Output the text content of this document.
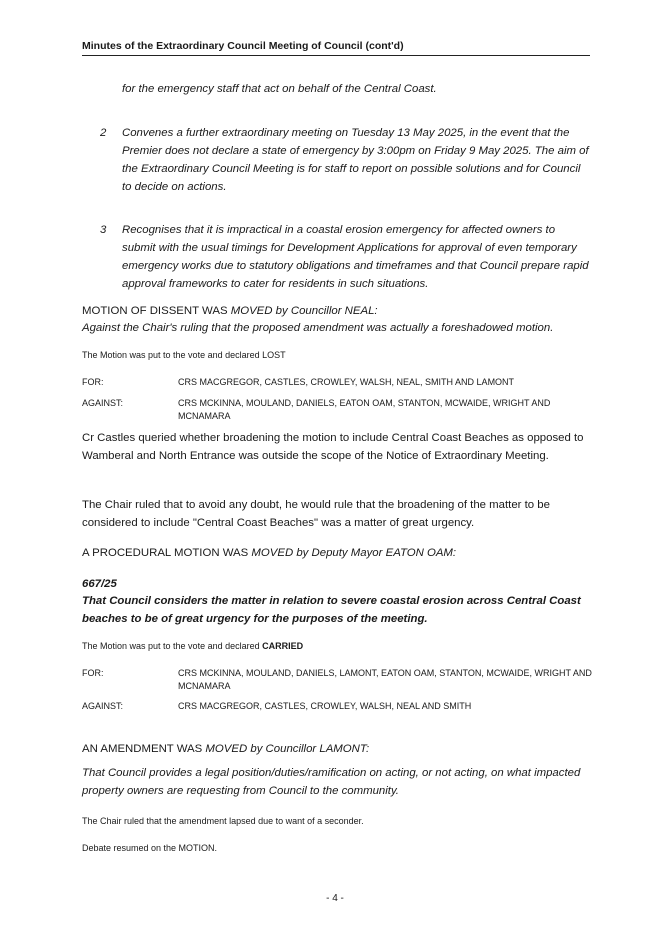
Minutes of the Extraordinary Council Meeting of Council (cont'd)
for the emergency staff that act on behalf of the Central Coast.
2	Convenes a further extraordinary meeting on Tuesday 13 May 2025, in the event that the Premier does not declare a state of emergency by 3:00pm on Friday 9 May 2025. The aim of the Extraordinary Council Meeting is for staff to report on possible solutions and for Council to decide on actions.
3	Recognises that it is impractical in a coastal erosion emergency for affected owners to submit with the usual timings for Development Applications for approval of even temporary emergency works due to statutory obligations and timeframes and that Council prepare rapid approval frameworks to cater for residents in such situations.
MOTION OF DISSENT WAS MOVED by Councillor NEAL:
Against the Chair's ruling that the proposed amendment was actually a foreshadowed motion.
The Motion was put to the vote and declared LOST
FOR:	CRS MACGREGOR, CASTLES, CROWLEY, WALSH, NEAL, SMITH AND LAMONT
AGAINST:	CRS MCKINNA, MOULAND, DANIELS, EATON OAM, STANTON, MCWAIDE, WRIGHT AND MCNAMARA
Cr Castles queried whether broadening the motion to include Central Coast Beaches as opposed to Wamberal and North Entrance was outside the scope of the Notice of Extraordinary Meeting.
The Chair ruled that to avoid any doubt, he would rule that the broadening of the matter to be considered to include "Central Coast Beaches" was a matter of great urgency.
A PROCEDURAL MOTION WAS MOVED by Deputy Mayor EATON OAM:
667/25
That Council considers the matter in relation to severe coastal erosion across Central Coast beaches to be of great urgency for the purposes of the meeting.
The Motion was put to the vote and declared CARRIED
FOR:	CRS MCKINNA, MOULAND, DANIELS, LAMONT, EATON OAM, STANTON, MCWAIDE, WRIGHT AND MCNAMARA
AGAINST:	CRS MACGREGOR, CASTLES, CROWLEY, WALSH, NEAL AND SMITH
AN AMENDMENT WAS MOVED by Councillor LAMONT:
That Council provides a legal position/duties/ramification on acting, or not acting, on what impacted property owners are requesting from Council to the community.
The Chair ruled that the amendment lapsed due to want of a seconder.
Debate resumed on the MOTION.
- 4 -
